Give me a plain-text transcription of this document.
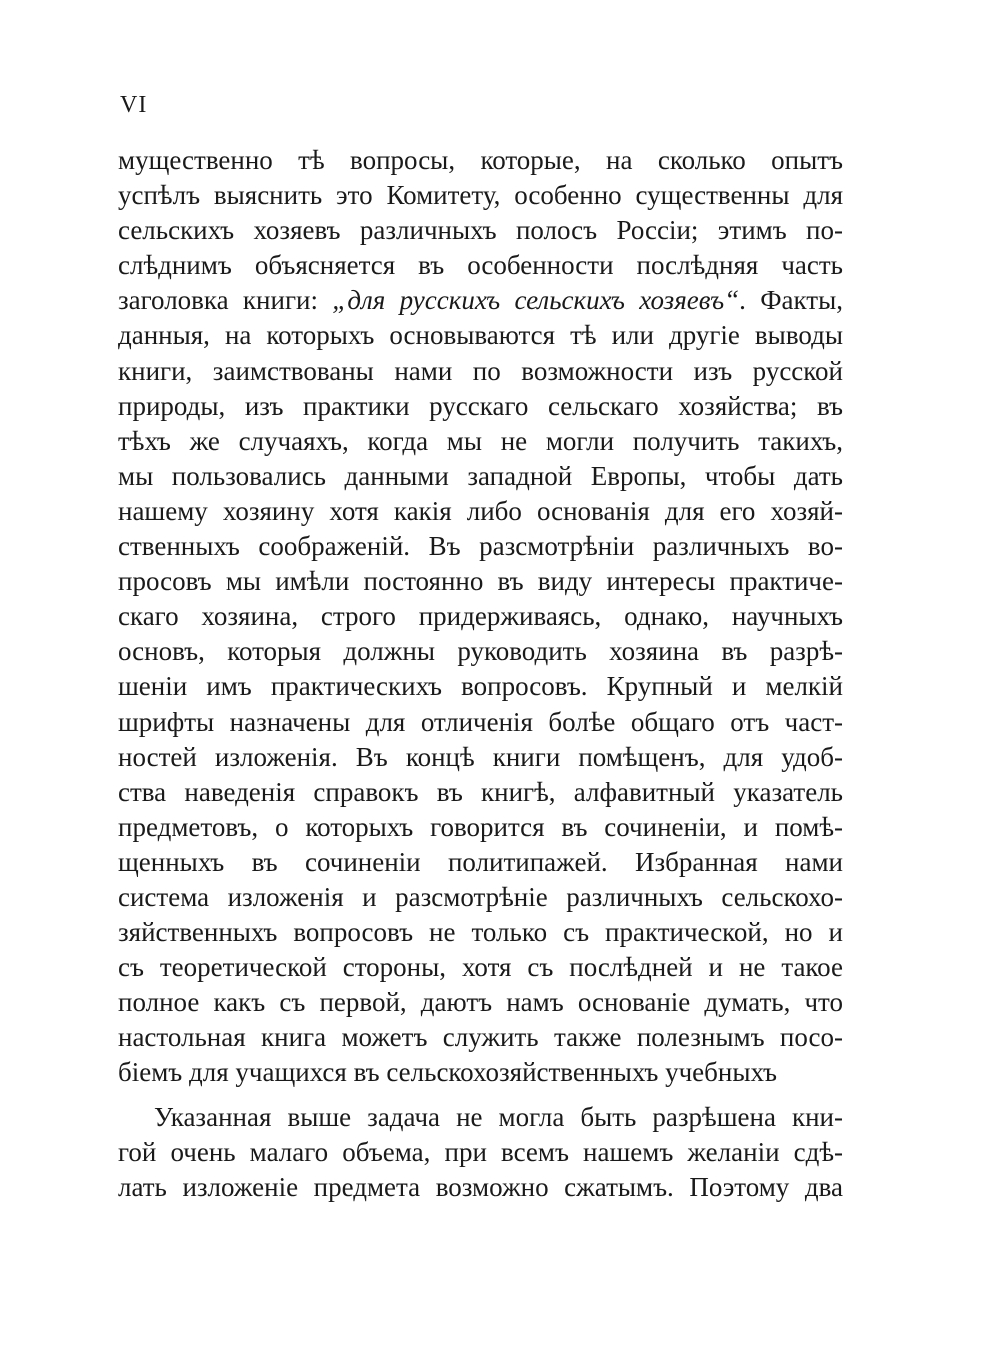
VI
мущественно тѣ вопросы, которые, на сколько опытъ
успѣлъ выяснить это Комитету, особенно существенны для
сельскихъ хозяевъ различныхъ полосъ Россіи; этимъ по-
слѣднимъ объясняется въ особенности послѣдняя часть
заголовка книги: „для русскихъ сельскихъ хозяевъ“. Факты,
данныя, на которыхъ основываются тѣ или другіе выводы
книги, заимствованы нами по возможности изъ русской
природы, изъ практики русскаго сельскаго хозяйства; въ
тѣхъ же случаяхъ, когда мы не могли получить такихъ,
мы пользовались данными западной Европы, чтобы дать
нашему хозяину хотя какія либо основанія для его хозяй-
ственныхъ соображеній. Въ разсмотрѣніи различныхъ во-
просовъ мы имѣли постоянно въ виду интересы практиче-
скаго хозяина, строго придерживаясь, однако, научныхъ
основъ, которыя должны руководить хозяина въ разрѣ-
шеніи имъ практическихъ вопросовъ. Крупный и мелкій
шрифты назначены для отличенія болѣе общаго отъ част-
ностей изложенія. Въ концѣ книги помѣщенъ, для удоб-
ства наведенія справокъ въ книгѣ, алфавитный указатель
предметовъ, о которыхъ говорится въ сочиненіи, и помѣ-
щенныхъ въ сочиненіи политипажей. Избранная нами
система изложенія и разсмотрѣніе различныхъ сельскохо-
зяйственныхъ вопросовъ не только съ практической, но и
съ теоретической стороны, хотя съ послѣдней и не такое
полное какъ съ первой, даютъ намъ основаніе думать, что
настольная книга можетъ служить также полезнымъ посо-
біемъ для учащихся въ сельскохозяйственныхъ учебныхъ
Указанная выше задача не могла быть разрѣшена кни-
гой очень малаго объема, при всемъ нашемъ желаніи сдѣ-
лать изложеніе предмета возможно сжатымъ. Поэтому два
